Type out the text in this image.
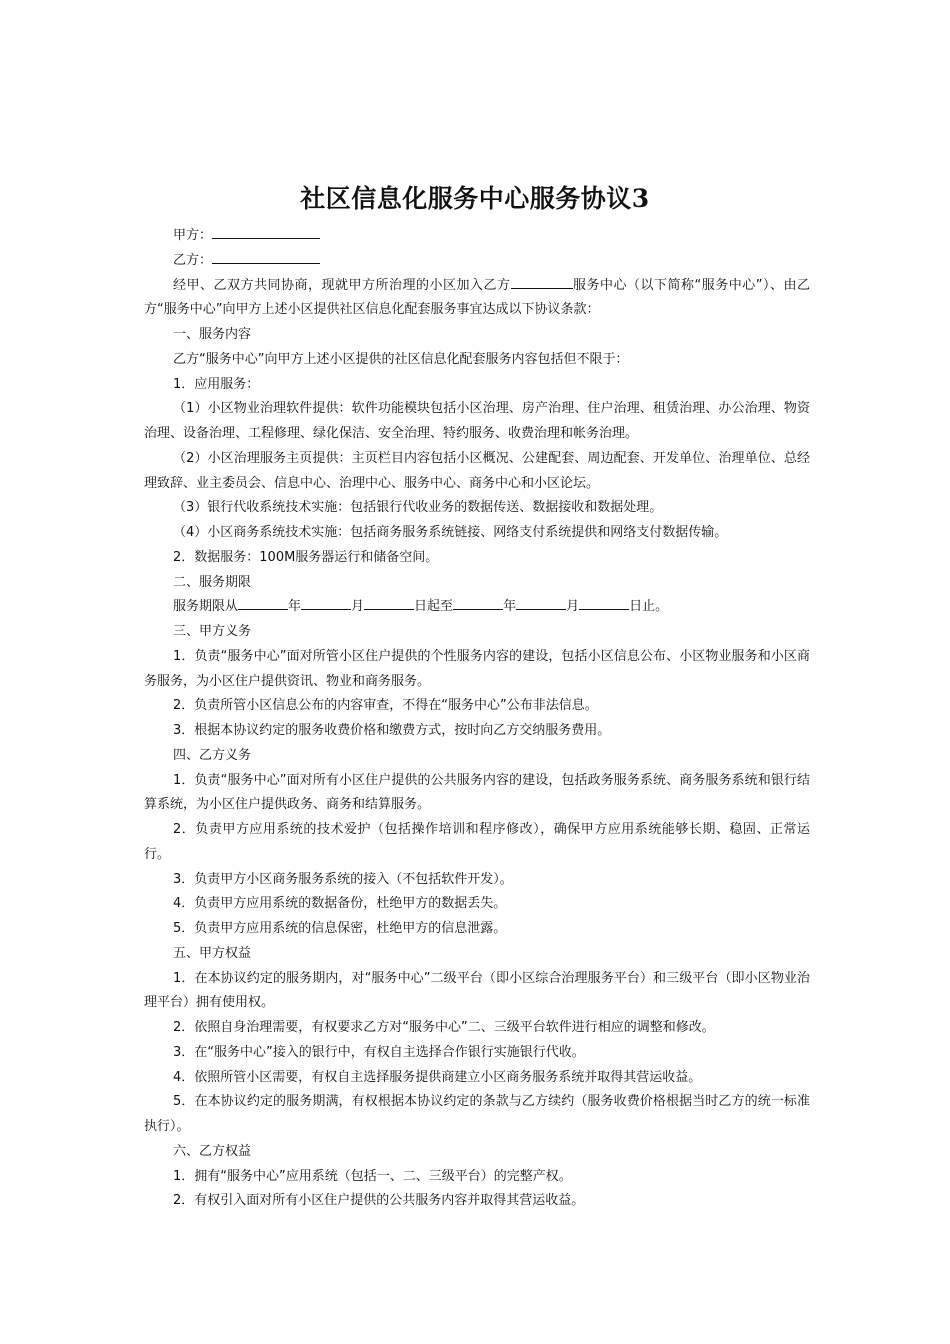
社区信息化服务中心服务协议3

甲方：

乙方：

经甲、乙双方共同协商，现就甲方所治理的小区加入乙方	服务中心（以下简称“服务中心”）、由乙方“服务中心”向甲方上述小区提供社区信息化配套服务事宜达成以下协议条款：

一、服务内容

乙方“服务中心”向甲方上述小区提供的社区信息化配套服务内容包括但不限于：

1．应用服务：

（1）小区物业治理软件提供：软件功能模块包括小区治理、房产治理、住户治理、租赁治理、办公治理、物资治理、设备治理、工程修理、绿化保洁、安全治理、特约服务、收费治理和帐务治理。

（2）小区治理服务主页提供：主页栏目内容包括小区概况、公建配套、周边配套、开发单位、治理单位、总经理致辞、业主委员会、信息中心、治理中心、服务中心、商务中心和小区论坛。

（3）银行代收系统技术实施：包括银行代收业务的数据传送、数据接收和数据处理。

（4）小区商务系统技术实施：包括商务服务系统链接、网络支付系统提供和网络支付数据传输。

2．数据服务：100M服务器运行和储备空间。

二、服务期限

服务期限从	年	月	日起至	年	月	日止。

三、甲方义务

1．负责“服务中心”面对所管小区住户提供的个性服务内容的建设，包括小区信息公布、小区物业服务和小区商务服务，为小区住户提供资讯、物业和商务服务。

2．负责所管小区信息公布的内容审查，不得在“服务中心”公布非法信息。

3．根据本协议约定的服务收费价格和缴费方式，按时向乙方交纳服务费用。

四、乙方义务

1．负责“服务中心”面对所有小区住户提供的公共服务内容的建设，包括政务服务系统、商务服务系统和银行结算系统，为小区住户提供政务、商务和结算服务。

2．负责甲方应用系统的技术爱护（包括操作培训和程序修改），确保甲方应用系统能够长期、稳固、正常运行。

3．负责甲方小区商务服务系统的接入（不包括软件开发）。

4．负责甲方应用系统的数据备份，杜绝甲方的数据丢失。

5．负责甲方应用系统的信息保密，杜绝甲方的信息泄露。

五、甲方权益

1．在本协议约定的服务期内，对“服务中心”二级平台（即小区综合治理服务平台）和三级平台（即小区物业治理平台）拥有使用权。

2．依照自身治理需要，有权要求乙方对“服务中心”二、三级平台软件进行相应的调整和修改。

3．在“服务中心”接入的银行中，有权自主选择合作银行实施银行代收。

4．依照所管小区需要，有权自主选择服务提供商建立小区商务服务系统并取得其营运收益。

5．在本协议约定的服务期满，有权根据本协议约定的条款与乙方续约（服务收费价格根据当时乙方的统一标准执行）。

六、乙方权益

1．拥有“服务中心”应用系统（包括一、二、三级平台）的完整产权。

2．有权引入面对所有小区住户提供的公共服务内容并取得其营运收益。
